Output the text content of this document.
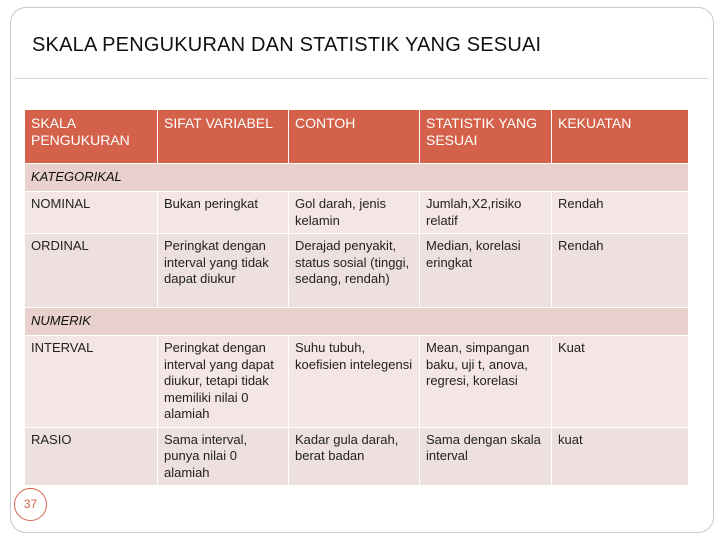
SKALA PENGUKURAN DAN STATISTIK YANG SESUAI
SKALA PENGUKURAN	SIFAT VARIABEL	CONTOH	STATISTIK YANG SESUAI	KEKUATAN
KATEGORIKAL				
NOMINAL	Bukan peringkat	Gol darah, jenis kelamin	Jumlah,X2,risiko relatif	Rendah
ORDINAL	Peringkat dengan interval yang tidak dapat diukur	Derajad penyakit, status sosial (tinggi, sedang, rendah)	Median, korelasi eringkat	Rendah
NUMERIK				
INTERVAL	Peringkat dengan interval yang dapat diukur, tetapi tidak memiliki nilai 0 alamiah	Suhu tubuh, koefisien intelegensi	Mean, simpangan baku, uji t, anova, regresi, korelasi	Kuat
RASIO	Sama interval, punya nilai 0 alamiah	Kadar gula darah, berat badan	Sama dengan skala interval	kuat
37
